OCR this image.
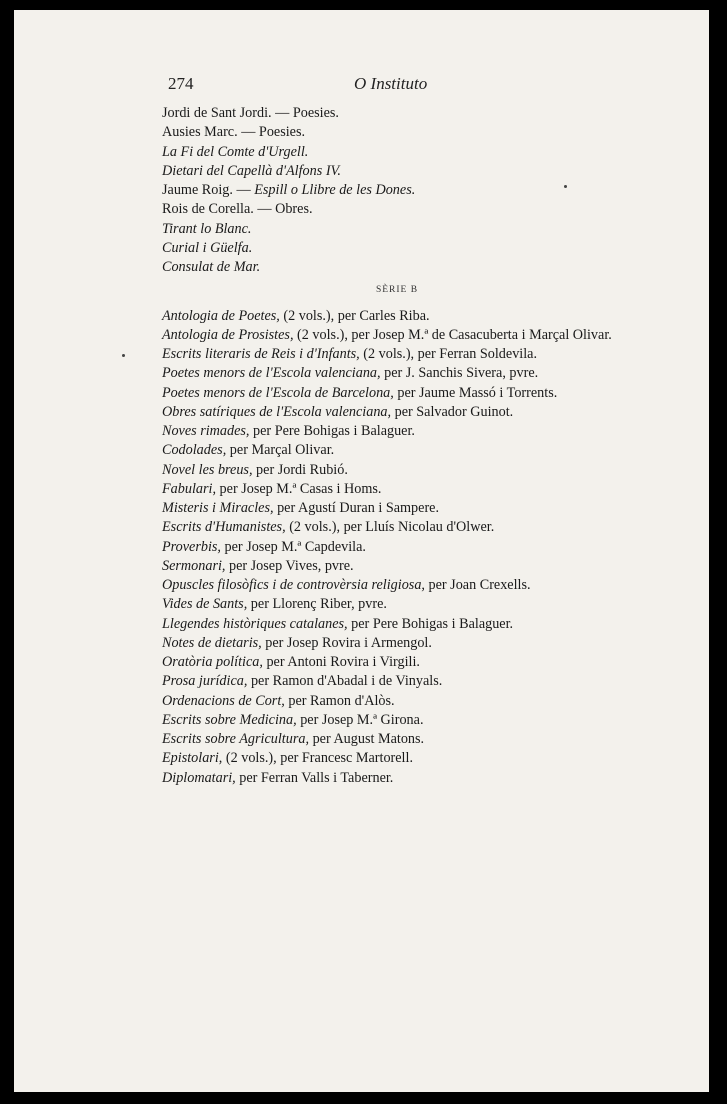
274	O Instituto
Jordi de Sant Jordi. — Poesies.
Ausies Marc. — Poesies.
La Fi del Comte d'Urgell.
Dietari del Capellà d'Alfons IV.
Jaume Roig. — Espill o Llibre de les Dones.
Rois de Corella. — Obres.
Tirant lo Blanc.
Curial i Güelfa.
Consulat de Mar.
SÈRIE B
Antologia de Poetes, (2 vols.), per Carles Riba.
Antologia de Prosistes, (2 vols.), per Josep M.ª de Casacuberta i Marçal Olivar.
Escrits literaris de Reis i d'Infants, (2 vols.), per Ferran Soldevila.
Poetes menors de l'Escola valenciana, per J. Sanchis Sivera, pvre.
Poetes menors de l'Escola de Barcelona, per Jaume Massó i Torrents.
Obres satíriques de l'Escola valenciana, per Salvador Guinot.
Noves rimades, per Pere Bohigas i Balaguer.
Codolades, per Marçal Olivar.
Novel les breus, per Jordi Rubió.
Fabulari, per Josep M.ª Casas i Homs.
Misteris i Miracles, per Agustí Duran i Sampere.
Escrits d'Humanistes, (2 vols.), per Lluís Nicolau d'Olwer.
Proverbis, per Josep M.ª Capdevila.
Sermonari, per Josep Vives, pvre.
Opuscles filosòfics i de controvèrsia religiosa, per Joan Crexells.
Vides de Sants, per Llorenç Riber, pvre.
Llegendes històriques catalanes, per Pere Bohigas i Balaguer.
Notes de dietaris, per Josep Rovira i Armengol.
Oratòria política, per Antoni Rovira i Virgili.
Prosa jurídica, per Ramon d'Abadal i de Vinyals.
Ordenacions de Cort, per Ramon d'Alòs.
Escrits sobre Medicina, per Josep M.ª Girona.
Escrits sobre Agricultura, per August Matons.
Epistolari, (2 vols.), per Francesc Martorell.
Diplomatari, per Ferran Valls i Taberner.
